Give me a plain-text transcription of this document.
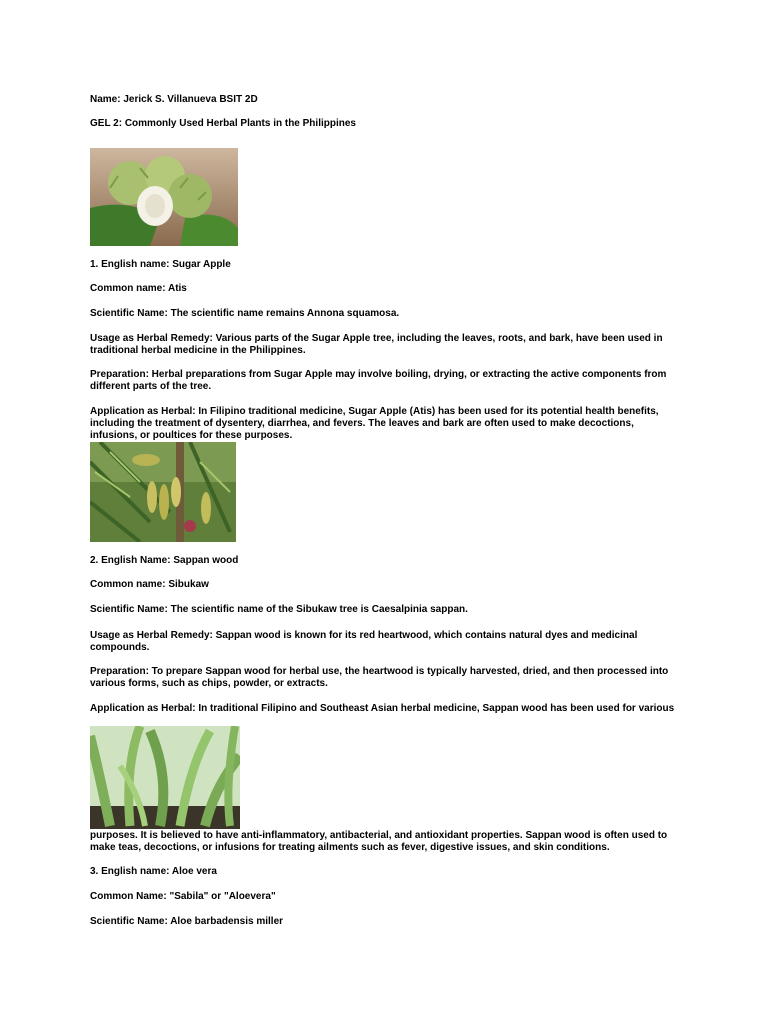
Name: Jerick S. Villanueva BSIT 2D

GEL 2: Commonly Used Herbal Plants in the Philippines

1. English name: Sugar Apple

Common name: Atis

Scientific Name: The scientific name remains Annona squamosa.

Usage as Herbal Remedy: Various parts of the Sugar Apple tree, including the leaves, roots, and bark, have been used in traditional herbal medicine in the Philippines.

Preparation: Herbal preparations from Sugar Apple may involve boiling, drying, or extracting the active components from different parts of the tree.

Application as Herbal: In Filipino traditional medicine, Sugar Apple (Atis) has been used for its potential health benefits, including the treatment of dysentery, diarrhea, and fevers. The leaves and bark are often used to make decoctions, infusions, or poultices for these purposes.

2. English Name: Sappan wood

Common name: Sibukaw

Scientific Name: The scientific name of the Sibukaw tree is Caesalpinia sappan.

Usage as Herbal Remedy: Sappan wood is known for its red heartwood, which contains natural dyes and medicinal compounds.

Preparation: To prepare Sappan wood for herbal use, the heartwood is typically harvested, dried, and then processed into various forms, such as chips, powder, or extracts.

Application as Herbal: In traditional Filipino and Southeast Asian herbal medicine, Sappan wood has been used for various

purposes. It is believed to have anti-inflammatory, antibacterial, and antioxidant properties. Sappan wood is often used to make teas, decoctions, or infusions for treating ailments such as fever, digestive issues, and skin conditions.

3. English name: Aloe vera

Common Name: "Sabila" or "Aloevera"

Scientific Name: Aloe barbadensis miller
